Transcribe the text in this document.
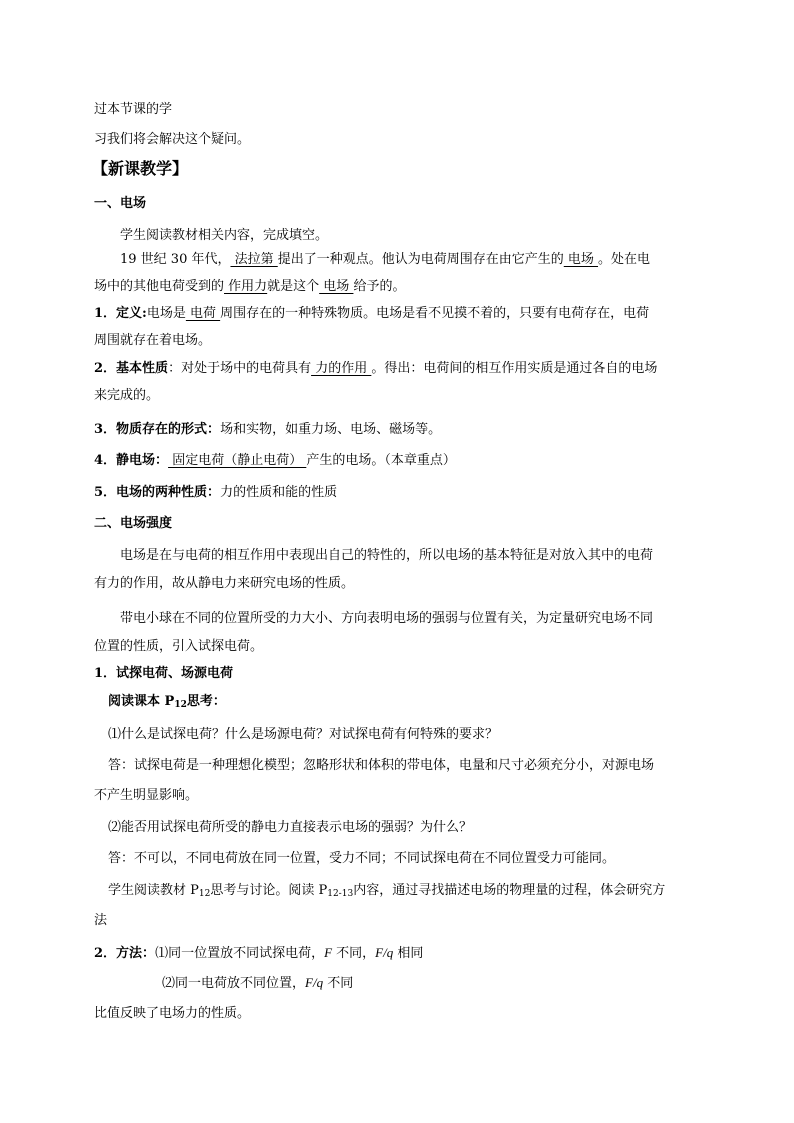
过本节课的学
习我们将会解决这个疑问。
【新课教学】
一、电场
学生阅读教材相关内容，完成填空。
19 世纪 30 年代， 法拉第 提出了一种观点。他认为电荷周围存在由它产生的 电场 。处在电
场中的其他电荷受到的 作用力就是这个 电场 给予的。
1．定义:电场是 电荷 周围存在的一种特殊物质。电场是看不见摸不着的，只要有电荷存在，电荷
周围就存在着电场。
2．基本性质：对处于场中的电荷具有 力的作用 。得出：电荷间的相互作用实质是通过各自的电场
来完成的。
3．物质存在的形式：场和实物，如重力场、电场、磁场等。
4．静电场： 固定电荷（静止电荷） 产生的电场。（本章重点）
5．电场的两种性质：力的性质和能的性质
二、电场强度
电场是在与电荷的相互作用中表现出自己的特性的，所以电场的基本特征是对放入其中的电荷
有力的作用，故从静电力来研究电场的性质。
带电小球在不同的位置所受的力大小、方向表明电场的强弱与位置有关，为定量研究电场不同
位置的性质，引入试探电荷。
1．试探电荷、场源电荷
阅读课本 $P_{12}$思考：
⑴什么是试探电荷？什么是场源电荷？对试探电荷有何特殊的要求？
答：试探电荷是一种理想化模型；忽略形状和体积的带电体，电量和尺寸必须充分小，对源电场
不产生明显影响。
⑵能否用试探电荷所受的静电力直接表示电场的强弱？为什么？
答：不可以，不同电荷放在同一位置，受力不同；不同试探电荷在不同位置受力可能同。
学生阅读教材 $P_{12}$思考与讨论。阅读 $P_{12-13}$内容，通过寻找描述电场的物理量的过程，体会研究方
法
2．方法：⑴同一位置放不同试探电荷，F 不同，F/q 相同
⑵同一电荷放不同位置，F/q 不同
比值反映了电场力的性质。
